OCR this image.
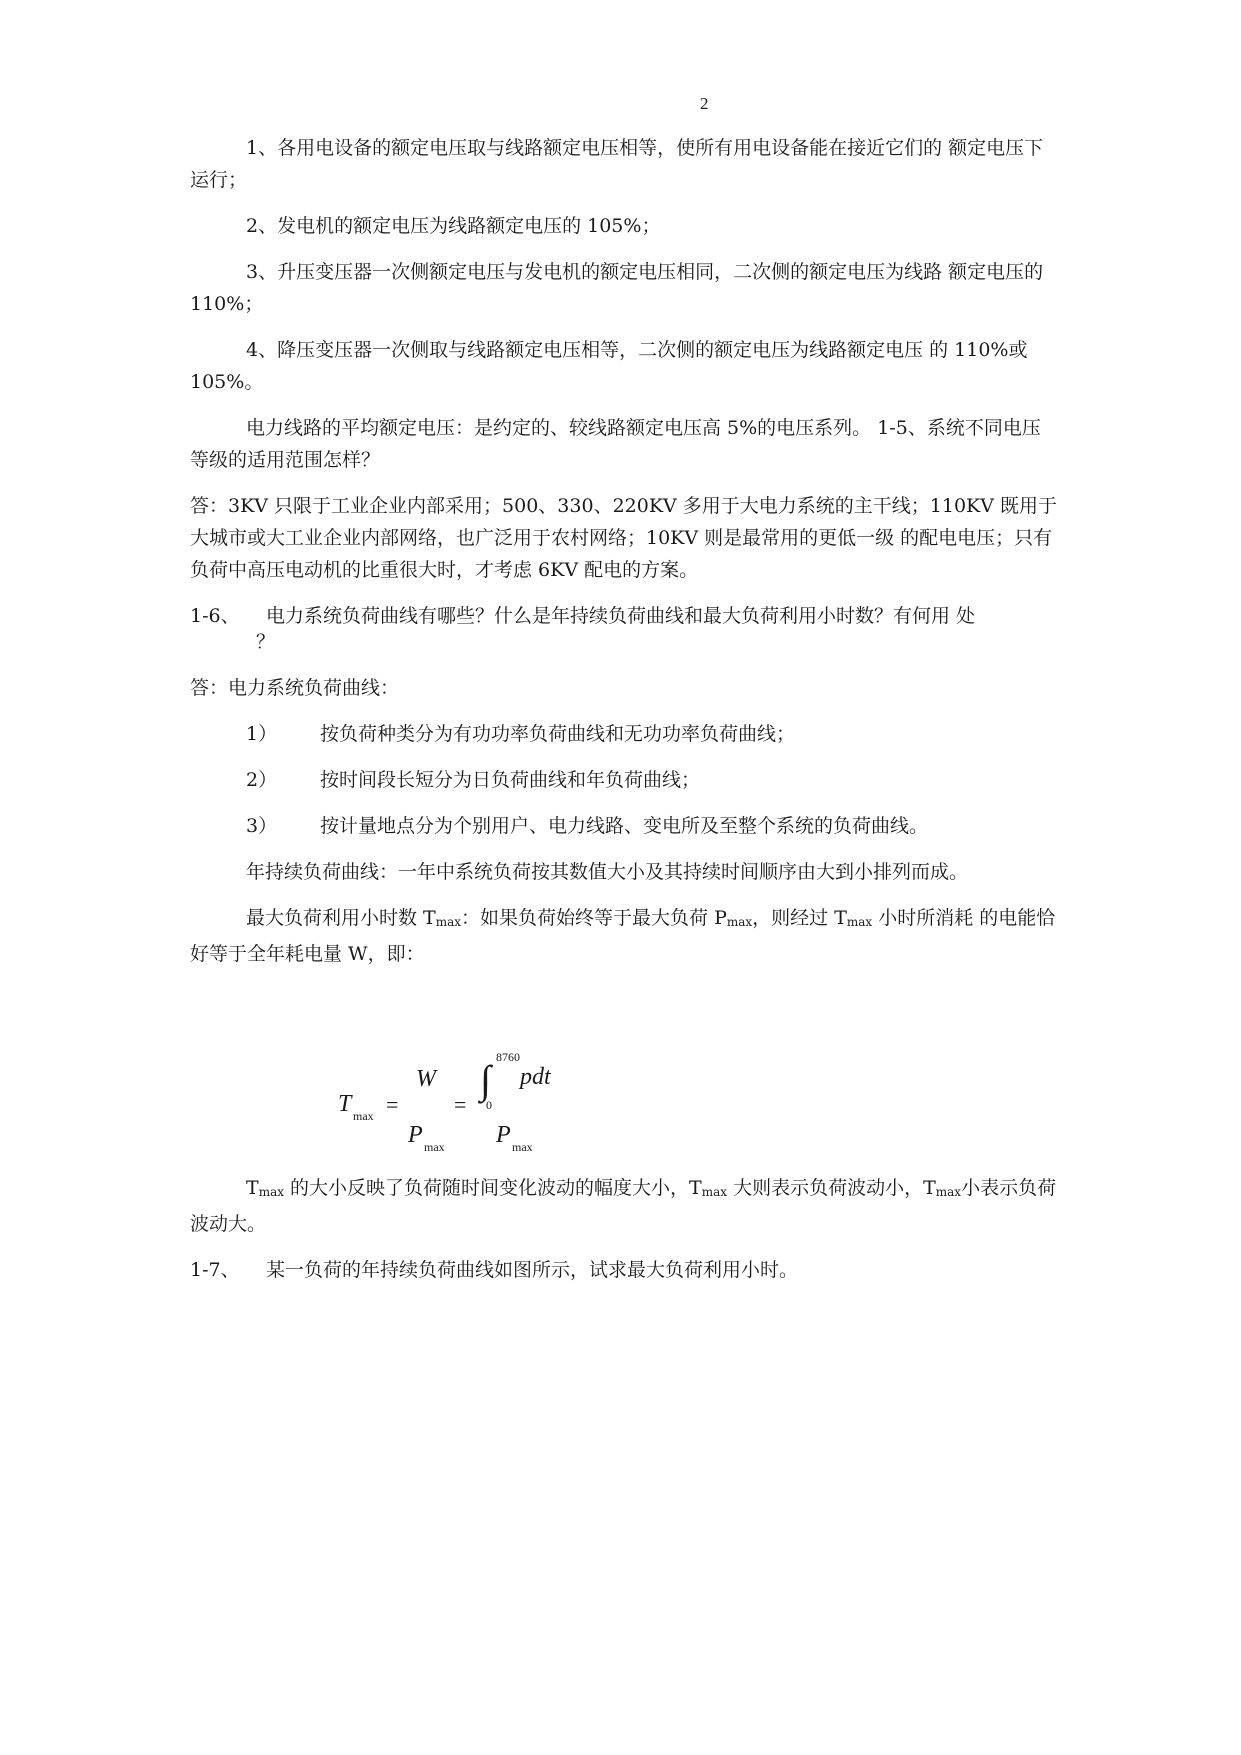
2

1、各用电设备的额定电压取与线路额定电压相等，使所有用电设备能在接近它们的 额定电压下运行；

2、发电机的额定电压为线路额定电压的 105%；

3、升压变压器一次侧额定电压与发电机的额定电压相同，二次侧的额定电压为线路 额定电压的 110%；

4、降压变压器一次侧取与线路额定电压相等，二次侧的额定电压为线路额定电压 的 110%或 105%。

电力线路的平均额定电压：是约定的、较线路额定电压高 5%的电压系列。 1-5、系统不同电压等级的适用范围怎样？

答：3KV 只限于工业企业内部采用；500、330、220KV 多用于大电力系统的主干线；110KV 既用于大城市或大工业企业内部网络，也广泛用于农村网络；10KV 则是最常用的更低一级 的配电电压；只有负荷中高压电动机的比重很大时，才考虑 6KV 配电的方案。

1-6、 电力系统负荷曲线有哪些？什么是年持续负荷曲线和最大负荷利用小时数？有何用 处
？

答：电力系统负荷曲线：

1） 按负荷种类分为有功功率负荷曲线和无功功率负荷曲线；

2） 按时间段长短分为日负荷曲线和年负荷曲线；

3） 按计量地点分为个别用户、电力线路、变电所及至整个系统的负荷曲线。

年持续负荷曲线：一年中系统负荷按其数值大小及其持续时间顺序由大到小排列而成。

最大负荷利用小时数 Tmax：如果负荷始终等于最大负荷 Pmax，则经过 Tmax 小时所消耗 的电能恰好等于全年耗电量 W，即：

T max =
W
P max
=
∫ 8760
0
pdt
P max

Tmax 的大小反映了负荷随时间变化波动的幅度大小，Tmax 大则表示负荷波动小，Tmax小表示负荷波动大。

1-7、 某一负荷的年持续负荷曲线如图所示，试求最大负荷利用小时。
